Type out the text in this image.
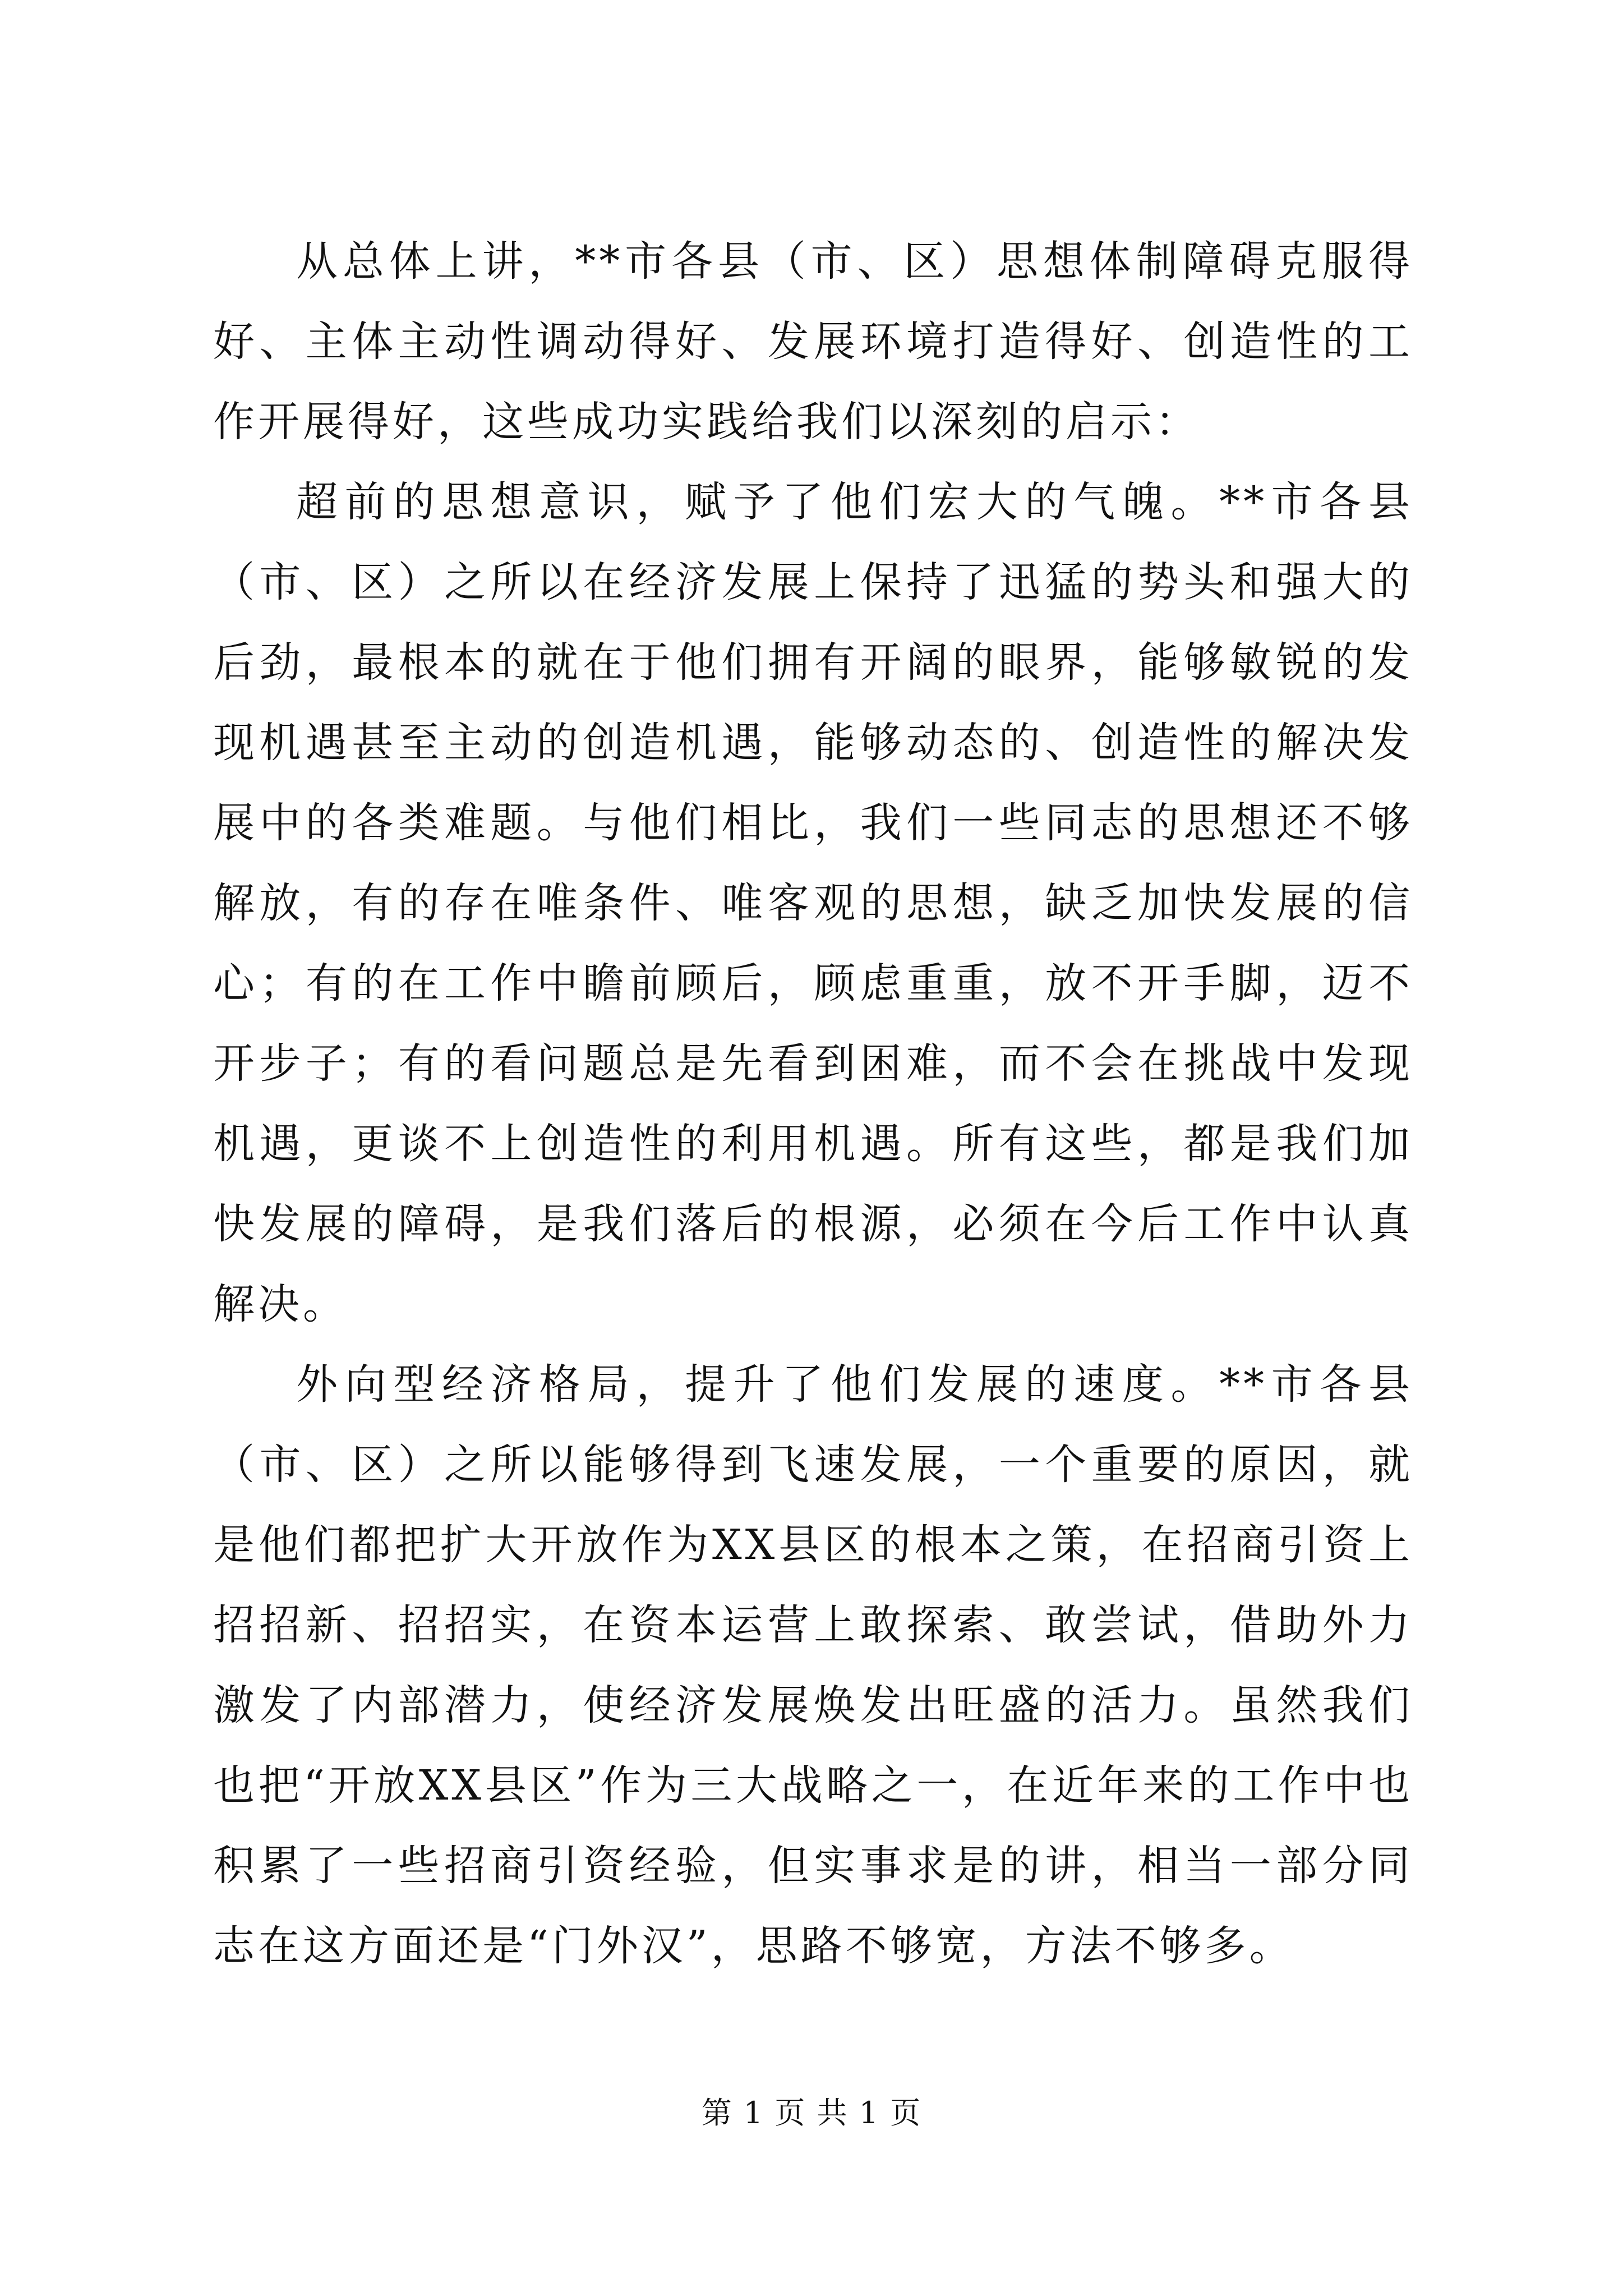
从总体上讲，**市各县（市、区）思想体制障碍克服得好、主体主动性调动得好、发展环境打造得好、创造性的工作开展得好，这些成功实践给我们以深刻的启示：

超前的思想意识，赋予了他们宏大的气魄。**市各县（市、区）之所以在经济发展上保持了迅猛的势头和强大的后劲，最根本的就在于他们拥有开阔的眼界，能够敏锐的发现机遇甚至主动的创造机遇，能够动态的、创造性的解决发展中的各类难题。与他们相比，我们一些同志的思想还不够解放，有的存在唯条件、唯客观的思想，缺乏加快发展的信心；有的在工作中瞻前顾后，顾虑重重，放不开手脚，迈不开步子；有的看问题总是先看到困难，而不会在挑战中发现机遇，更谈不上创造性的利用机遇。所有这些，都是我们加快发展的障碍，是我们落后的根源，必须在今后工作中认真解决。

外向型经济格局，提升了他们发展的速度。**市各县（市、区）之所以能够得到飞速发展，一个重要的原因，就是他们都把扩大开放作为XX县区的根本之策，在招商引资上招招新、招招实，在资本运营上敢探索、敢尝试，借助外力激发了内部潜力，使经济发展焕发出旺盛的活力。虽然我们也把“开放XX县区”作为三大战略之一，在近年来的工作中也积累了一些招商引资经验，但实事求是的讲，相当一部分同志在这方面还是“门外汉”，思路不够宽，方法不够多。

第 1 页 共 1 页
